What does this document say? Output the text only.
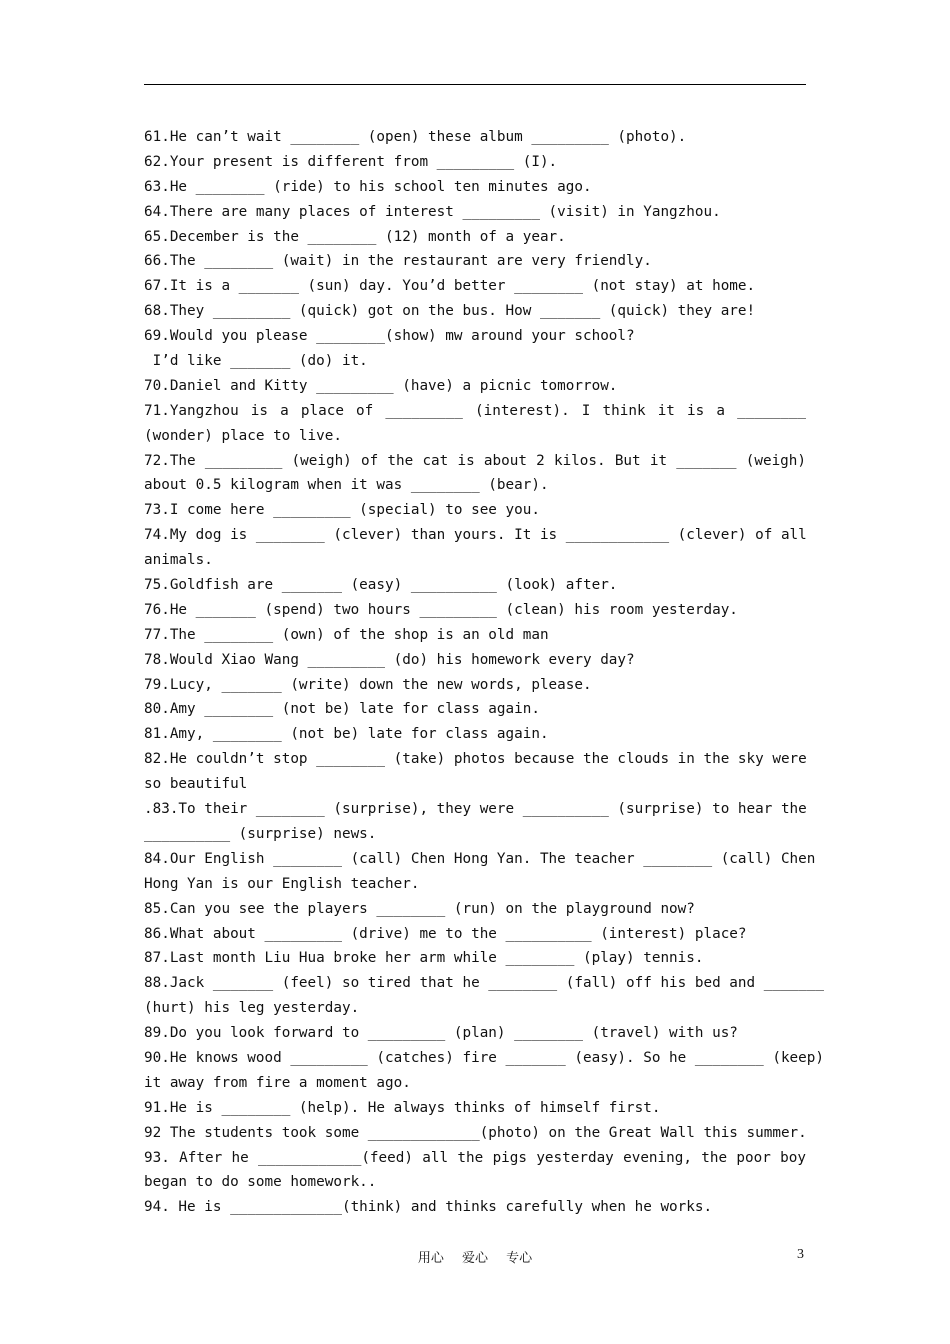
61.He can’t wait ________ (open) these album _________ (photo).
62.Your present is different from _________ (I).
63.He ________ (ride) to his school ten minutes ago.
64.There are many places of interest _________ (visit) in Yangzhou.
65.December is the ________ (12) month of a year.
66.The ________ (wait) in the restaurant are very friendly.
67.It is a _______ (sun) day. You’d better ________ (not stay) at home.
68.They _________ (quick) got on the bus. How _______ (quick) they are!
69.Would you please ________(show) mw around your school?
I’d like _______ (do) it.
70.Daniel and Kitty _________ (have) a picnic tomorrow.
71.Yangzhou is a place of _________ (interest). I think it is a ________
(wonder) place to live.
72.The _________ (weigh) of the cat is about 2 kilos. But it _______ (weigh)
about 0.5 kilogram when it was ________ (bear).
73.I come here _________ (special) to see you.
74.My dog is ________ (clever) than yours. It is ____________ (clever) of all
animals.
75.Goldfish are _______ (easy) __________ (look) after.
76.He _______ (spend) two hours _________ (clean) his room yesterday.
77.The ________ (own) of the shop is an old man
78.Would Xiao Wang _________ (do) his homework every day?
79.Lucy, _______ (write) down the new words, please.
80.Amy ________ (not be) late for class again.
81.Amy, ________ (not be) late for class again.
82.He couldn’t stop ________ (take) photos because the clouds in the sky were
so beautiful
.83.To their ________ (surprise), they were __________ (surprise) to hear the
__________ (surprise) news.
84.Our English ________ (call) Chen Hong Yan. The teacher ________ (call) Chen
Hong Yan is our English teacher.
85.Can you see the players ________ (run) on the playground now?
86.What about _________ (drive) me to the __________ (interest) place?
87.Last month Liu Hua broke her arm while ________ (play) tennis.
88.Jack _______ (feel) so tired that he ________ (fall) off his bed and _______
(hurt) his leg yesterday.
89.Do you look forward to _________ (plan) ________ (travel) with us?
90.He knows wood _________ (catches) fire _______ (easy). So he ________ (keep)
it away from fire a moment ago.
91.He is ________ (help). He always thinks of himself first.
92 The students took some _____________(photo) on the Great Wall this summer.
93. After he ____________(feed) all the pigs yesterday evening, the poor boy
began to do some homework..
94. He is _____________(think) and thinks carefully when he works.
用心 爱心 专心	3
